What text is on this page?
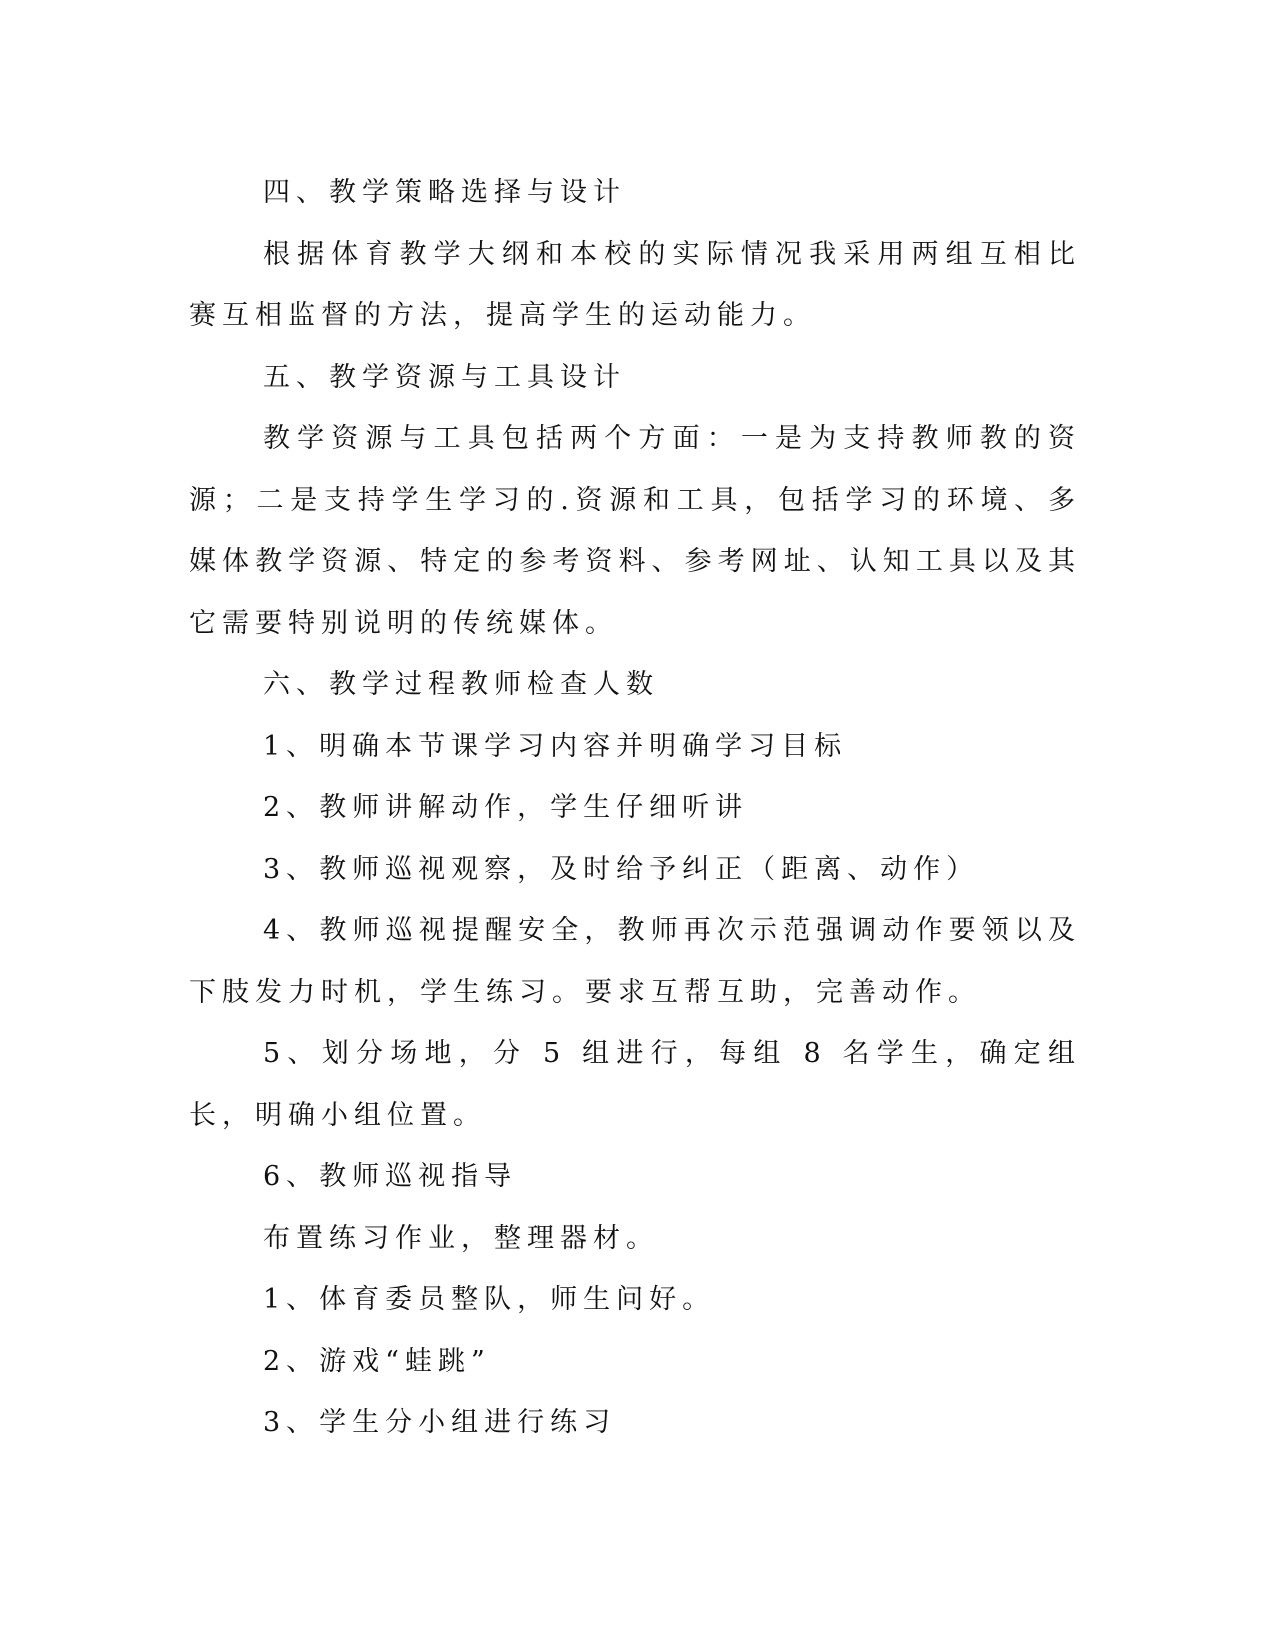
四、教学策略选择与设计

根据体育教学大纲和本校的实际情况我采用两组互相比赛互相监督的方法，提高学生的运动能力。

五、教学资源与工具设计

教学资源与工具包括两个方面：一是为支持教师教的资源；二是支持学生学习的.资源和工具，包括学习的环境、多媒体教学资源、特定的参考资料、参考网址、认知工具以及其它需要特别说明的传统媒体。

六、教学过程教师检查人数

1、明确本节课学习内容并明确学习目标

2、教师讲解动作，学生仔细听讲

3、教师巡视观察，及时给予纠正（距离、动作）

4、教师巡视提醒安全，教师再次示范强调动作要领以及下肢发力时机，学生练习。要求互帮互助，完善动作。

5、划分场地，分 5 组进行，每组 8 名学生，确定组长，明确小组位置。

6、教师巡视指导

布置练习作业，整理器材。

1、体育委员整队，师生问好。

2、游戏“蛙跳”

3、学生分小组进行练习
